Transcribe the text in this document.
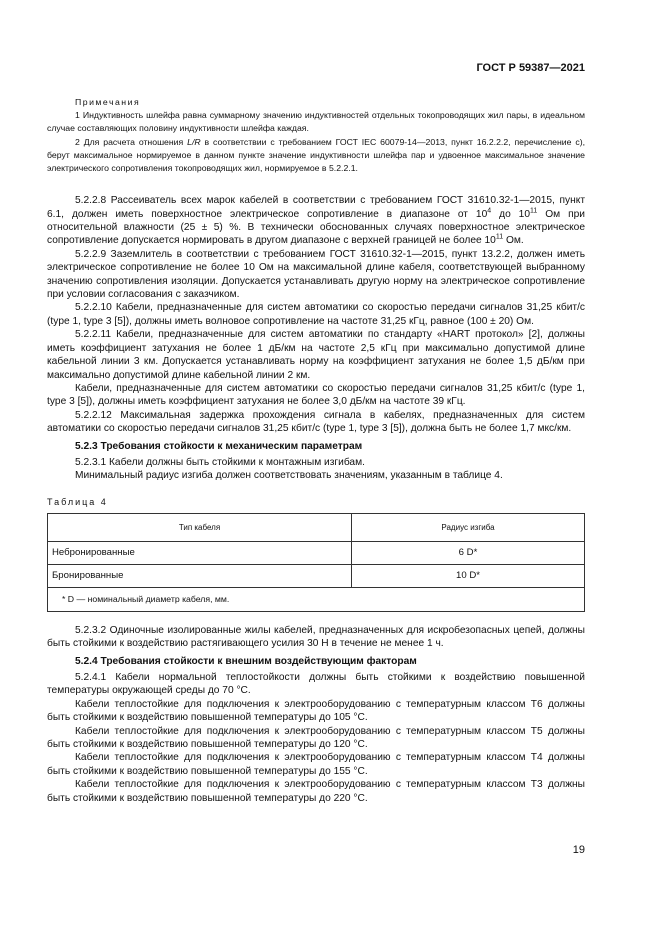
ГОСТ Р 59387—2021

Примечания

1 Индуктивность шлейфа равна суммарному значению индуктивностей отдельных токопроводящих жил пары, в идеальном случае составляющих половину индуктивности шлейфа каждая.

2 Для расчета отношения L/R в соответствии с требованием ГОСТ IEC 60079-14—2013, пункт 16.2.2.2, перечисление с), берут максимальное нормируемое в данном пункте значение индуктивности шлейфа пар и удвоенное максимальное значение электрического сопротивления токопроводящих жил, нормируемое в 5.2.2.1.

5.2.2.8 Рассеиватель всех марок кабелей в соответствии с требованием ГОСТ 31610.32-1—2015, пункт 6.1, должен иметь поверхностное электрическое сопротивление в диапазоне от $10^4$ до $10^{11}$ Ом при относительной влажности (25 ± 5) %. В технически обоснованных случаях поверхностное электрическое сопротивление допускается нормировать в другом диапазоне с верхней границей не более $10^{11}$ Ом.

5.2.2.9 Заземлитель в соответствии с требованием ГОСТ 31610.32-1—2015, пункт 13.2.2, должен иметь электрическое сопротивление не более 10 Ом на максимальной длине кабеля, соответствующей выбранному значению сопротивления изоляции. Допускается устанавливать другую норму на электрическое сопротивление при условии согласования с заказчиком.

5.2.2.10 Кабели, предназначенные для систем автоматики со скоростью передачи сигналов 31,25 кбит/с (type 1, type 3 [5]), должны иметь волновое сопротивление на частоте 31,25 кГц, равное (100 ± 20) Ом.

5.2.2.11 Кабели, предназначенные для систем автоматики по стандарту «HART протокол» [2], должны иметь коэффициент затухания не более 1 дБ/км на частоте 2,5 кГц при максимально допустимой длине кабельной линии 3 км. Допускается устанавливать норму на коэффициент затухания не более 1,5 дБ/км при максимально допустимой длине кабельной линии 2 км.

Кабели, предназначенные для систем автоматики со скоростью передачи сигналов 31,25 кбит/с (type 1, type 3 [5]), должны иметь коэффициент затухания не более 3,0 дБ/км на частоте 39 кГц.

5.2.2.12 Максимальная задержка прохождения сигнала в кабелях, предназначенных для систем автоматики со скоростью передачи сигналов 31,25 кбит/с (type 1, type 3 [5]), должна быть не более 1,7 мкс/км.

5.2.3 Требования стойкости к механическим параметрам

5.2.3.1 Кабели должны быть стойкими к монтажным изгибам.

Минимальный радиус изгиба должен соответствовать значениям, указанным в таблице 4.

Таблица 4
Тип кабеля	Радиус изгиба
Небронированные	6 D*
Бронированные	10 D*
* D — номинальный диаметр кабеля, мм.	

5.2.3.2 Одиночные изолированные жилы кабелей, предназначенных для искробезопасных цепей, должны быть стойкими к воздействию растягивающего усилия 30 Н в течение не менее 1 ч.

5.2.4 Требования стойкости к внешним воздействующим факторам

5.2.4.1 Кабели нормальной теплостойкости должны быть стойкими к воздействию повышенной температуры окружающей среды до 70 °С.

Кабели теплостойкие для подключения к электрооборудованию с температурным классом Т6 должны быть стойкими к воздействию повышенной температуры до 105 °С.

Кабели теплостойкие для подключения к электрооборудованию с температурным классом Т5 должны быть стойкими к воздействию повышенной температуры до 120 °С.

Кабели теплостойкие для подключения к электрооборудованию с температурным классом Т4 должны быть стойкими к воздействию повышенной температуры до 155 °С.

Кабели теплостойкие для подключения к электрооборудованию с температурным классом Т3 должны быть стойкими к воздействию повышенной температуры до 220 °С.

19
